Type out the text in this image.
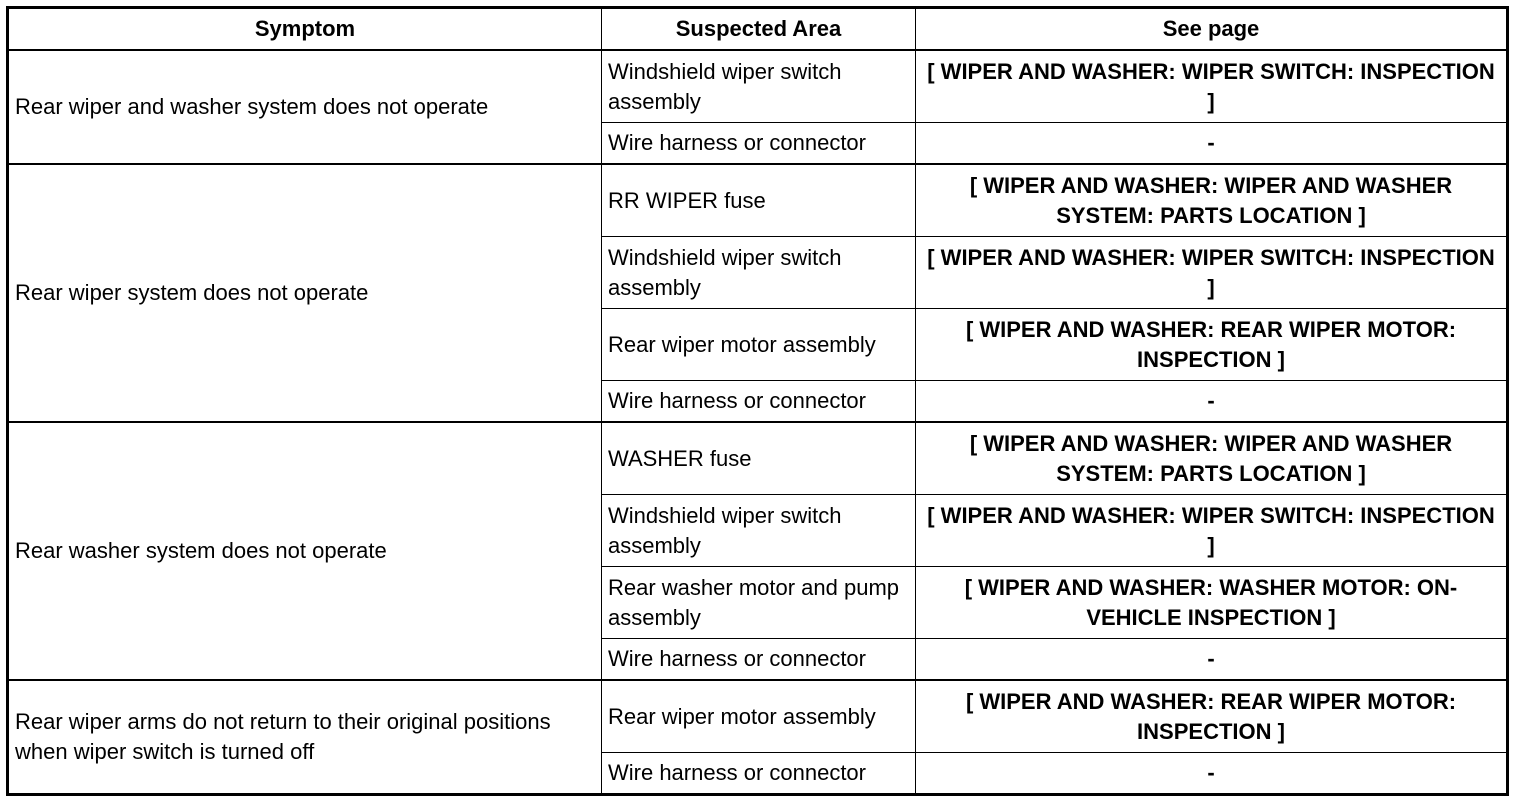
Symptom	Suspected Area	See page
Rear wiper and washer system does not operate	Windshield wiper switch assembly	[ WIPER AND WASHER: WIPER SWITCH: INSPECTION ]
	Wire harness or connector	-
Rear wiper system does not operate	RR WIPER fuse	[ WIPER AND WASHER: WIPER AND WASHER SYSTEM: PARTS LOCATION ]
	Windshield wiper switch assembly	[ WIPER AND WASHER: WIPER SWITCH: INSPECTION ]
	Rear wiper motor assembly	[ WIPER AND WASHER: REAR WIPER MOTOR: INSPECTION ]
	Wire harness or connector	-
Rear washer system does not operate	WASHER fuse	[ WIPER AND WASHER: WIPER AND WASHER SYSTEM: PARTS LOCATION ]
	Windshield wiper switch assembly	[ WIPER AND WASHER: WIPER SWITCH: INSPECTION ]
	Rear washer motor and pump assembly	[ WIPER AND WASHER: WASHER MOTOR: ON-VEHICLE INSPECTION ]
	Wire harness or connector	-
Rear wiper arms do not return to their original positions when wiper switch is turned off	Rear wiper motor assembly	[ WIPER AND WASHER: REAR WIPER MOTOR: INSPECTION ]
	Wire harness or connector	-
